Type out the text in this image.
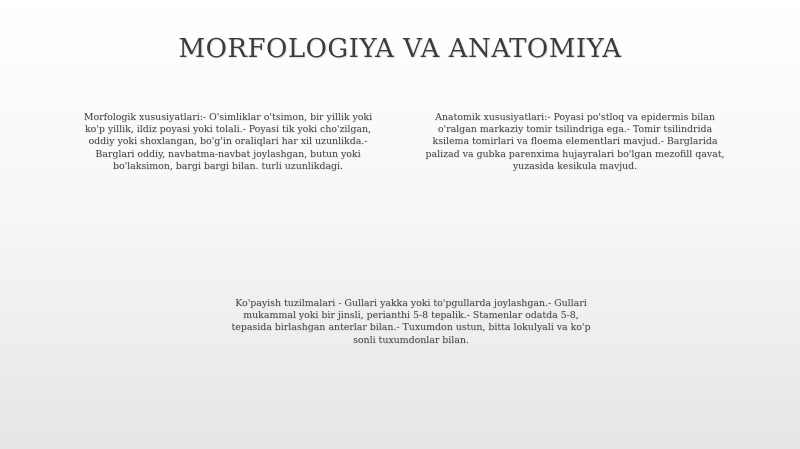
MORFOLOGIYA VA ANATOMIYA
Morfologik xususiyatlari:- O'simliklar o'tsimon, bir yillik yoki ko'p yillik, ildiz poyasi yoki tolali.- Poyasi tik yoki cho'zilgan, oddiy yoki shoxlangan, bo'g'in oraliqlari har xil uzunlikda.- Barglari oddiy, navbatma-navbat joylashgan, butun yoki bo'laksimon, bargi bargi bilan. turli uzunlikdagi.
Anatomik xususiyatlari:- Poyasi po'stloq va epidermis bilan o'ralgan markaziy tomir tsilindriga ega.- Tomir tsilindrida ksilema tomirlari va floema elementlari mavjud.- Barglarida palizad va gubka parenxima hujayralari bo'lgan mezofill qavat, yuzasida kesikula mavjud.
Ko'payish tuzilmalari - Gullari yakka yoki to'pgullarda joylashgan.- Gullari mukammal yoki bir jinsli, perianthi 5-8 tepalik.- Stamenlar odatda 5-8, tepasida birlashgan anterlar bilan.- Tuxumdon ustun, bitta lokulyali va ko'p sonli tuxumdonlar bilan.
